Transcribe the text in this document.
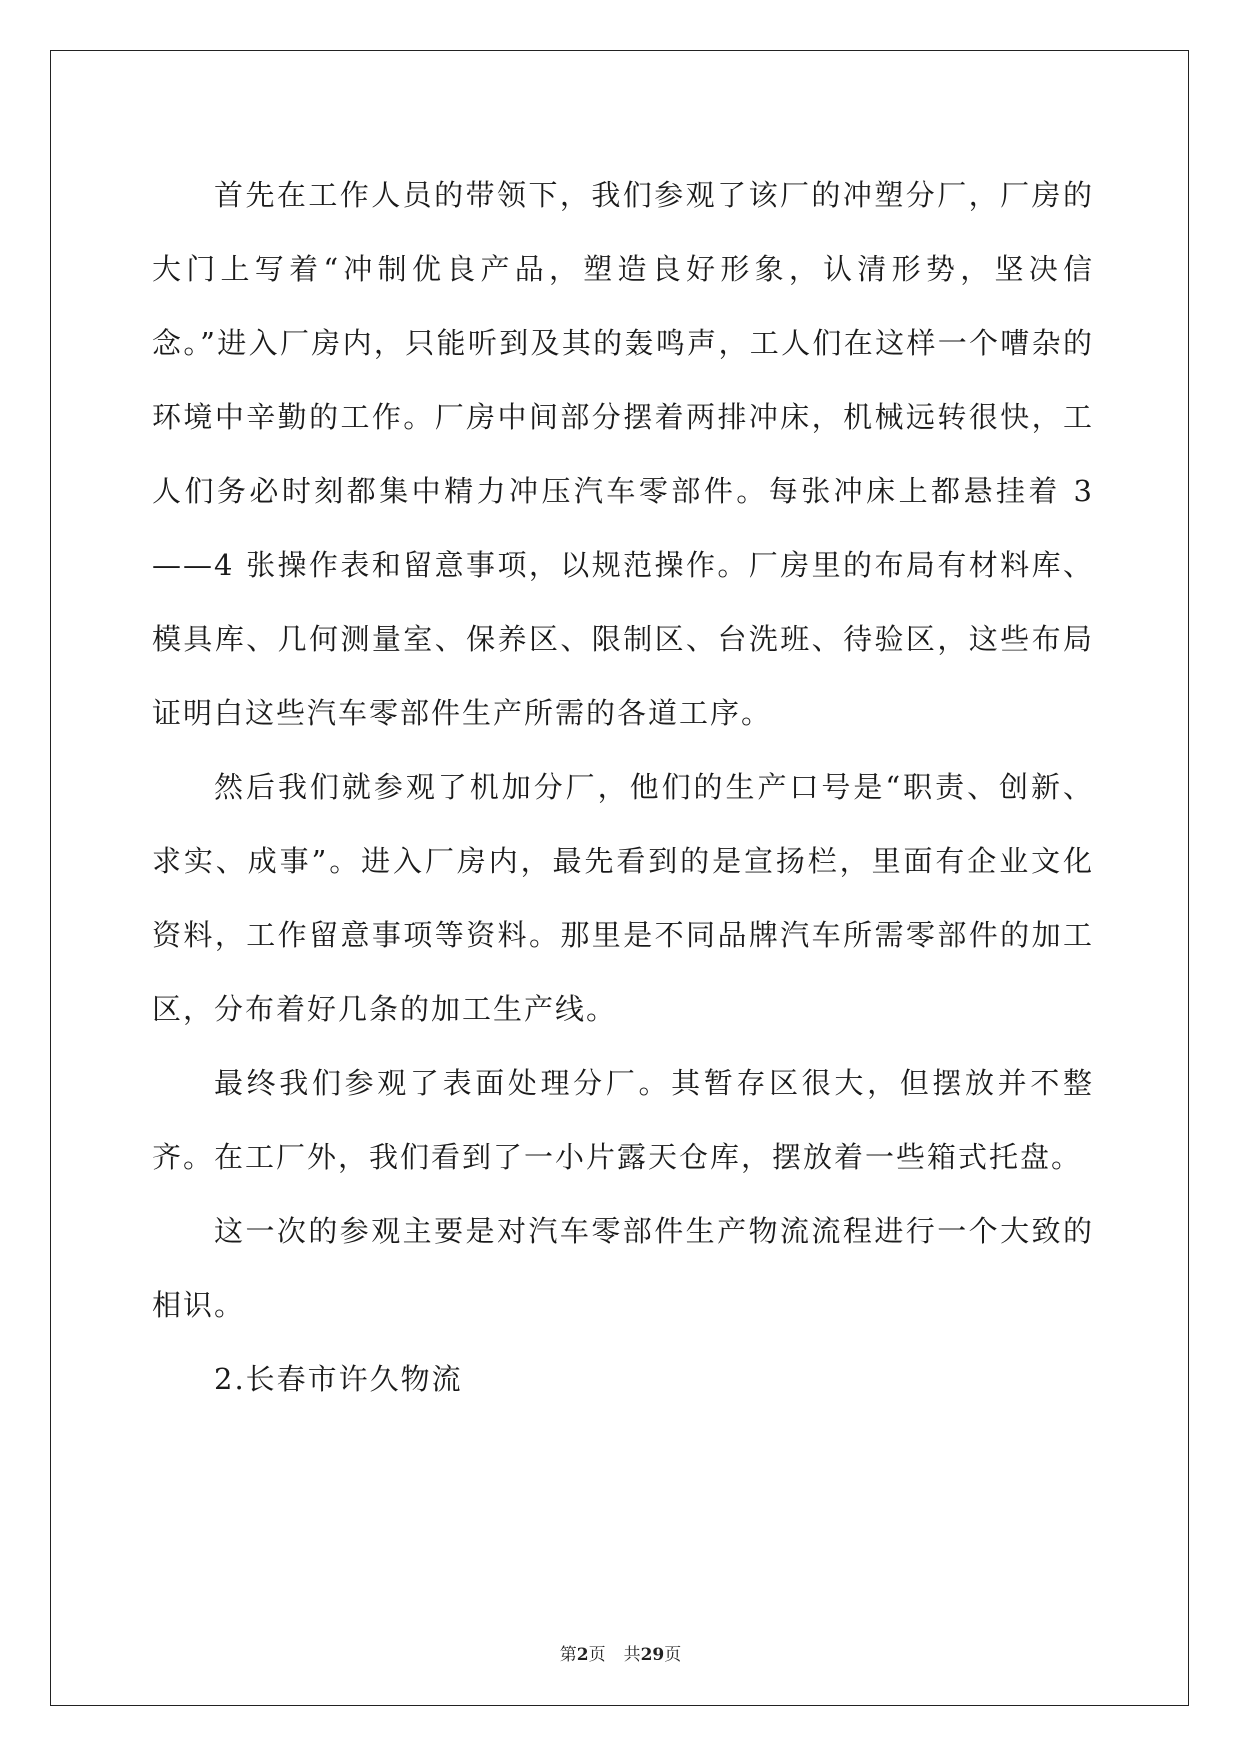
首先在工作人员的带领下，我们参观了该厂的冲塑分厂，厂房的大门上写着“冲制优良产品，塑造良好形象，认清形势，坚决信念。”进入厂房内，只能听到及其的轰鸣声，工人们在这样一个嘈杂的环境中辛勤的工作。厂房中间部分摆着两排冲床，机械远转很快，工人们务必时刻都集中精力冲压汽车零部件。每张冲床上都悬挂着 3——4 张操作表和留意事项，以规范操作。厂房里的布局有材料库、模具库、几何测量室、保养区、限制区、台洗班、待验区，这些布局证明白这些汽车零部件生产所需的各道工序。

然后我们就参观了机加分厂，他们的生产口号是“职责、创新、求实、成事”。进入厂房内，最先看到的是宣扬栏，里面有企业文化资料，工作留意事项等资料。那里是不同品牌汽车所需零部件的加工区，分布着好几条的加工生产线。

最终我们参观了表面处理分厂。其暂存区很大，但摆放并不整齐。在工厂外，我们看到了一小片露天仓库，摆放着一些箱式托盘。

这一次的参观主要是对汽车零部件生产物流流程进行一个大致的相识。

2.长春市许久物流

第2页 共29页
